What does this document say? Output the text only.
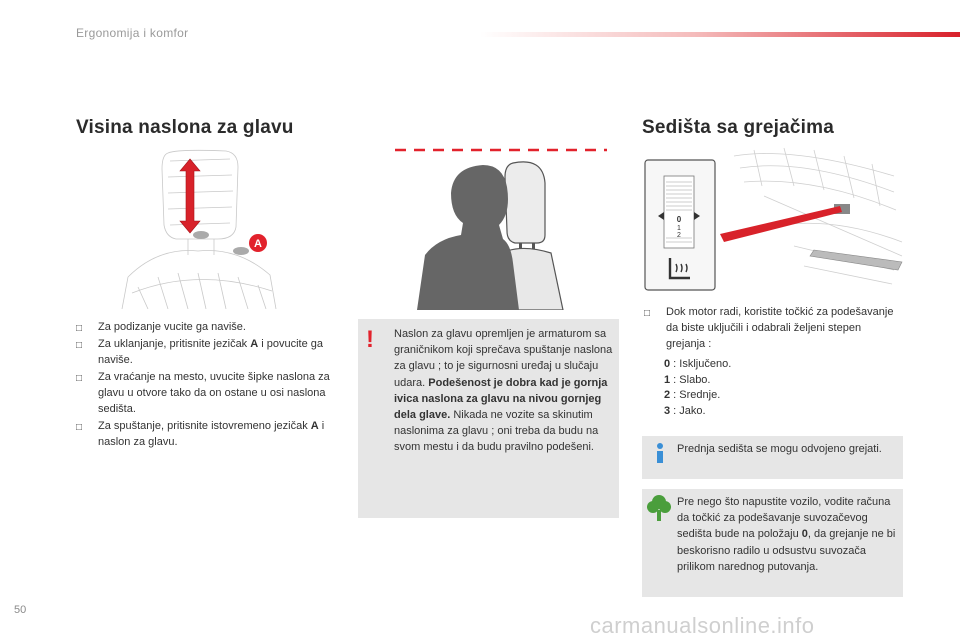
Ergonomija i komfor
Visina naslona za glavu
A
□ Za podizanje vucite ga naviše.
□ Za uklanjanje, pritisnite jezičak A i povucite ga naviše.
□ Za vraćanje na mesto, uvucite šipke naslona za glavu u otvore tako da on ostane u osi naslona sedišta.
□ Za spuštanje, pritisnite istovremeno jezičak A i naslon za glavu.
! Naslon za glavu opremljen je armaturom sa graničnikom koji sprečava spuštanje naslona za glavu ; to je sigurnosni uređaj u slučaju udara. Podešenost je dobra kad je gornja ivica naslona za glavu na nivou gornjeg dela glave. Nikada ne vozite sa skinutim naslonima za glavu ; oni treba da budu na svom mestu i da budu pravilno podešeni.
Sedišta sa grejačima
0
1
2
□ Dok motor radi, koristite točkić za podešavanje da biste uključili i odabrali željeni stepen grejanja :
0 : Isključeno.
1 : Slabo.
2 : Srednje.
3 : Jako.
Prednja sedišta se mogu odvojeno grejati.
Pre nego što napustite vozilo, vodite računa da točkić za podešavanje suvozačevog sedišta bude na položaju 0, da grejanje ne bi beskorisno radilo u odsustvu suvozača prilikom narednog putovanja.
50
carmanualsonline.info
